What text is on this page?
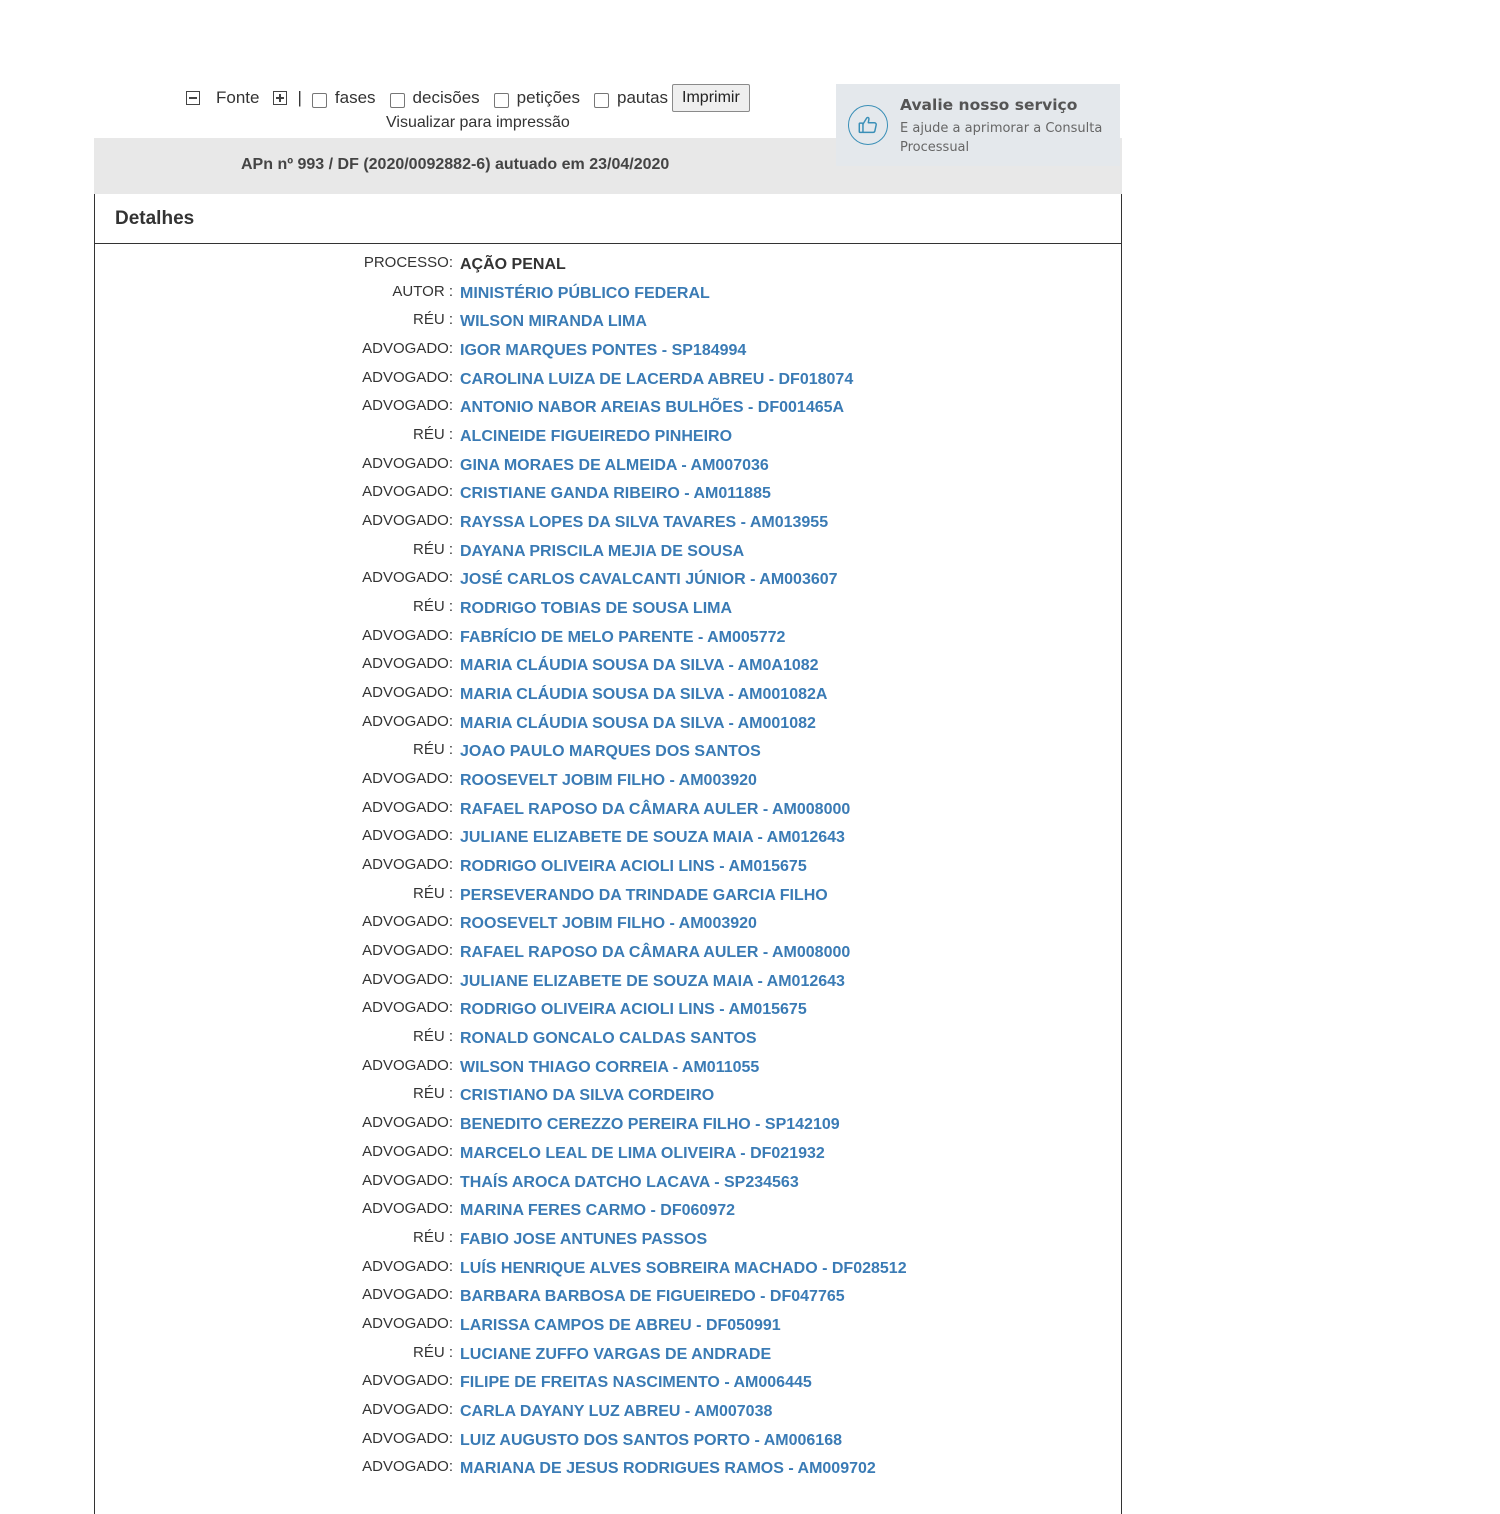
Fonte | fases decisões petições pautas Imprimir
Visualizar para impressão
APn nº 993 / DF (2020/0092882-6) autuado em 23/04/2020
Avalie nosso serviço
E ajude a aprimorar a Consulta Processual
Detalhes
PROCESSO: AÇÃO PENAL
AUTOR : MINISTÉRIO PÚBLICO FEDERAL
RÉU : WILSON MIRANDA LIMA
ADVOGADO: IGOR MARQUES PONTES - SP184994
ADVOGADO: CAROLINA LUIZA DE LACERDA ABREU - DF018074
ADVOGADO: ANTONIO NABOR AREIAS BULHÕES - DF001465A
RÉU : ALCINEIDE FIGUEIREDO PINHEIRO
ADVOGADO: GINA MORAES DE ALMEIDA - AM007036
ADVOGADO: CRISTIANE GANDA RIBEIRO - AM011885
ADVOGADO: RAYSSA LOPES DA SILVA TAVARES - AM013955
RÉU : DAYANA PRISCILA MEJIA DE SOUSA
ADVOGADO: JOSÉ CARLOS CAVALCANTI JÚNIOR - AM003607
RÉU : RODRIGO TOBIAS DE SOUSA LIMA
ADVOGADO: FABRÍCIO DE MELO PARENTE - AM005772
ADVOGADO: MARIA CLÁUDIA SOUSA DA SILVA - AM0A1082
ADVOGADO: MARIA CLÁUDIA SOUSA DA SILVA - AM001082A
ADVOGADO: MARIA CLÁUDIA SOUSA DA SILVA - AM001082
RÉU : JOAO PAULO MARQUES DOS SANTOS
ADVOGADO: ROOSEVELT JOBIM FILHO - AM003920
ADVOGADO: RAFAEL RAPOSO DA CÂMARA AULER - AM008000
ADVOGADO: JULIANE ELIZABETE DE SOUZA MAIA - AM012643
ADVOGADO: RODRIGO OLIVEIRA ACIOLI LINS - AM015675
RÉU : PERSEVERANDO DA TRINDADE GARCIA FILHO
ADVOGADO: ROOSEVELT JOBIM FILHO - AM003920
ADVOGADO: RAFAEL RAPOSO DA CÂMARA AULER - AM008000
ADVOGADO: JULIANE ELIZABETE DE SOUZA MAIA - AM012643
ADVOGADO: RODRIGO OLIVEIRA ACIOLI LINS - AM015675
RÉU : RONALD GONCALO CALDAS SANTOS
ADVOGADO: WILSON THIAGO CORREIA - AM011055
RÉU : CRISTIANO DA SILVA CORDEIRO
ADVOGADO: BENEDITO CEREZZO PEREIRA FILHO - SP142109
ADVOGADO: MARCELO LEAL DE LIMA OLIVEIRA - DF021932
ADVOGADO: THAÍS AROCA DATCHO LACAVA - SP234563
ADVOGADO: MARINA FERES CARMO - DF060972
RÉU : FABIO JOSE ANTUNES PASSOS
ADVOGADO: LUÍS HENRIQUE ALVES SOBREIRA MACHADO - DF028512
ADVOGADO: BARBARA BARBOSA DE FIGUEIREDO - DF047765
ADVOGADO: LARISSA CAMPOS DE ABREU - DF050991
RÉU : LUCIANE ZUFFO VARGAS DE ANDRADE
ADVOGADO: FILIPE DE FREITAS NASCIMENTO - AM006445
ADVOGADO: CARLA DAYANY LUZ ABREU - AM007038
ADVOGADO: LUIZ AUGUSTO DOS SANTOS PORTO - AM006168
ADVOGADO: MARIANA DE JESUS RODRIGUES RAMOS - AM009702
